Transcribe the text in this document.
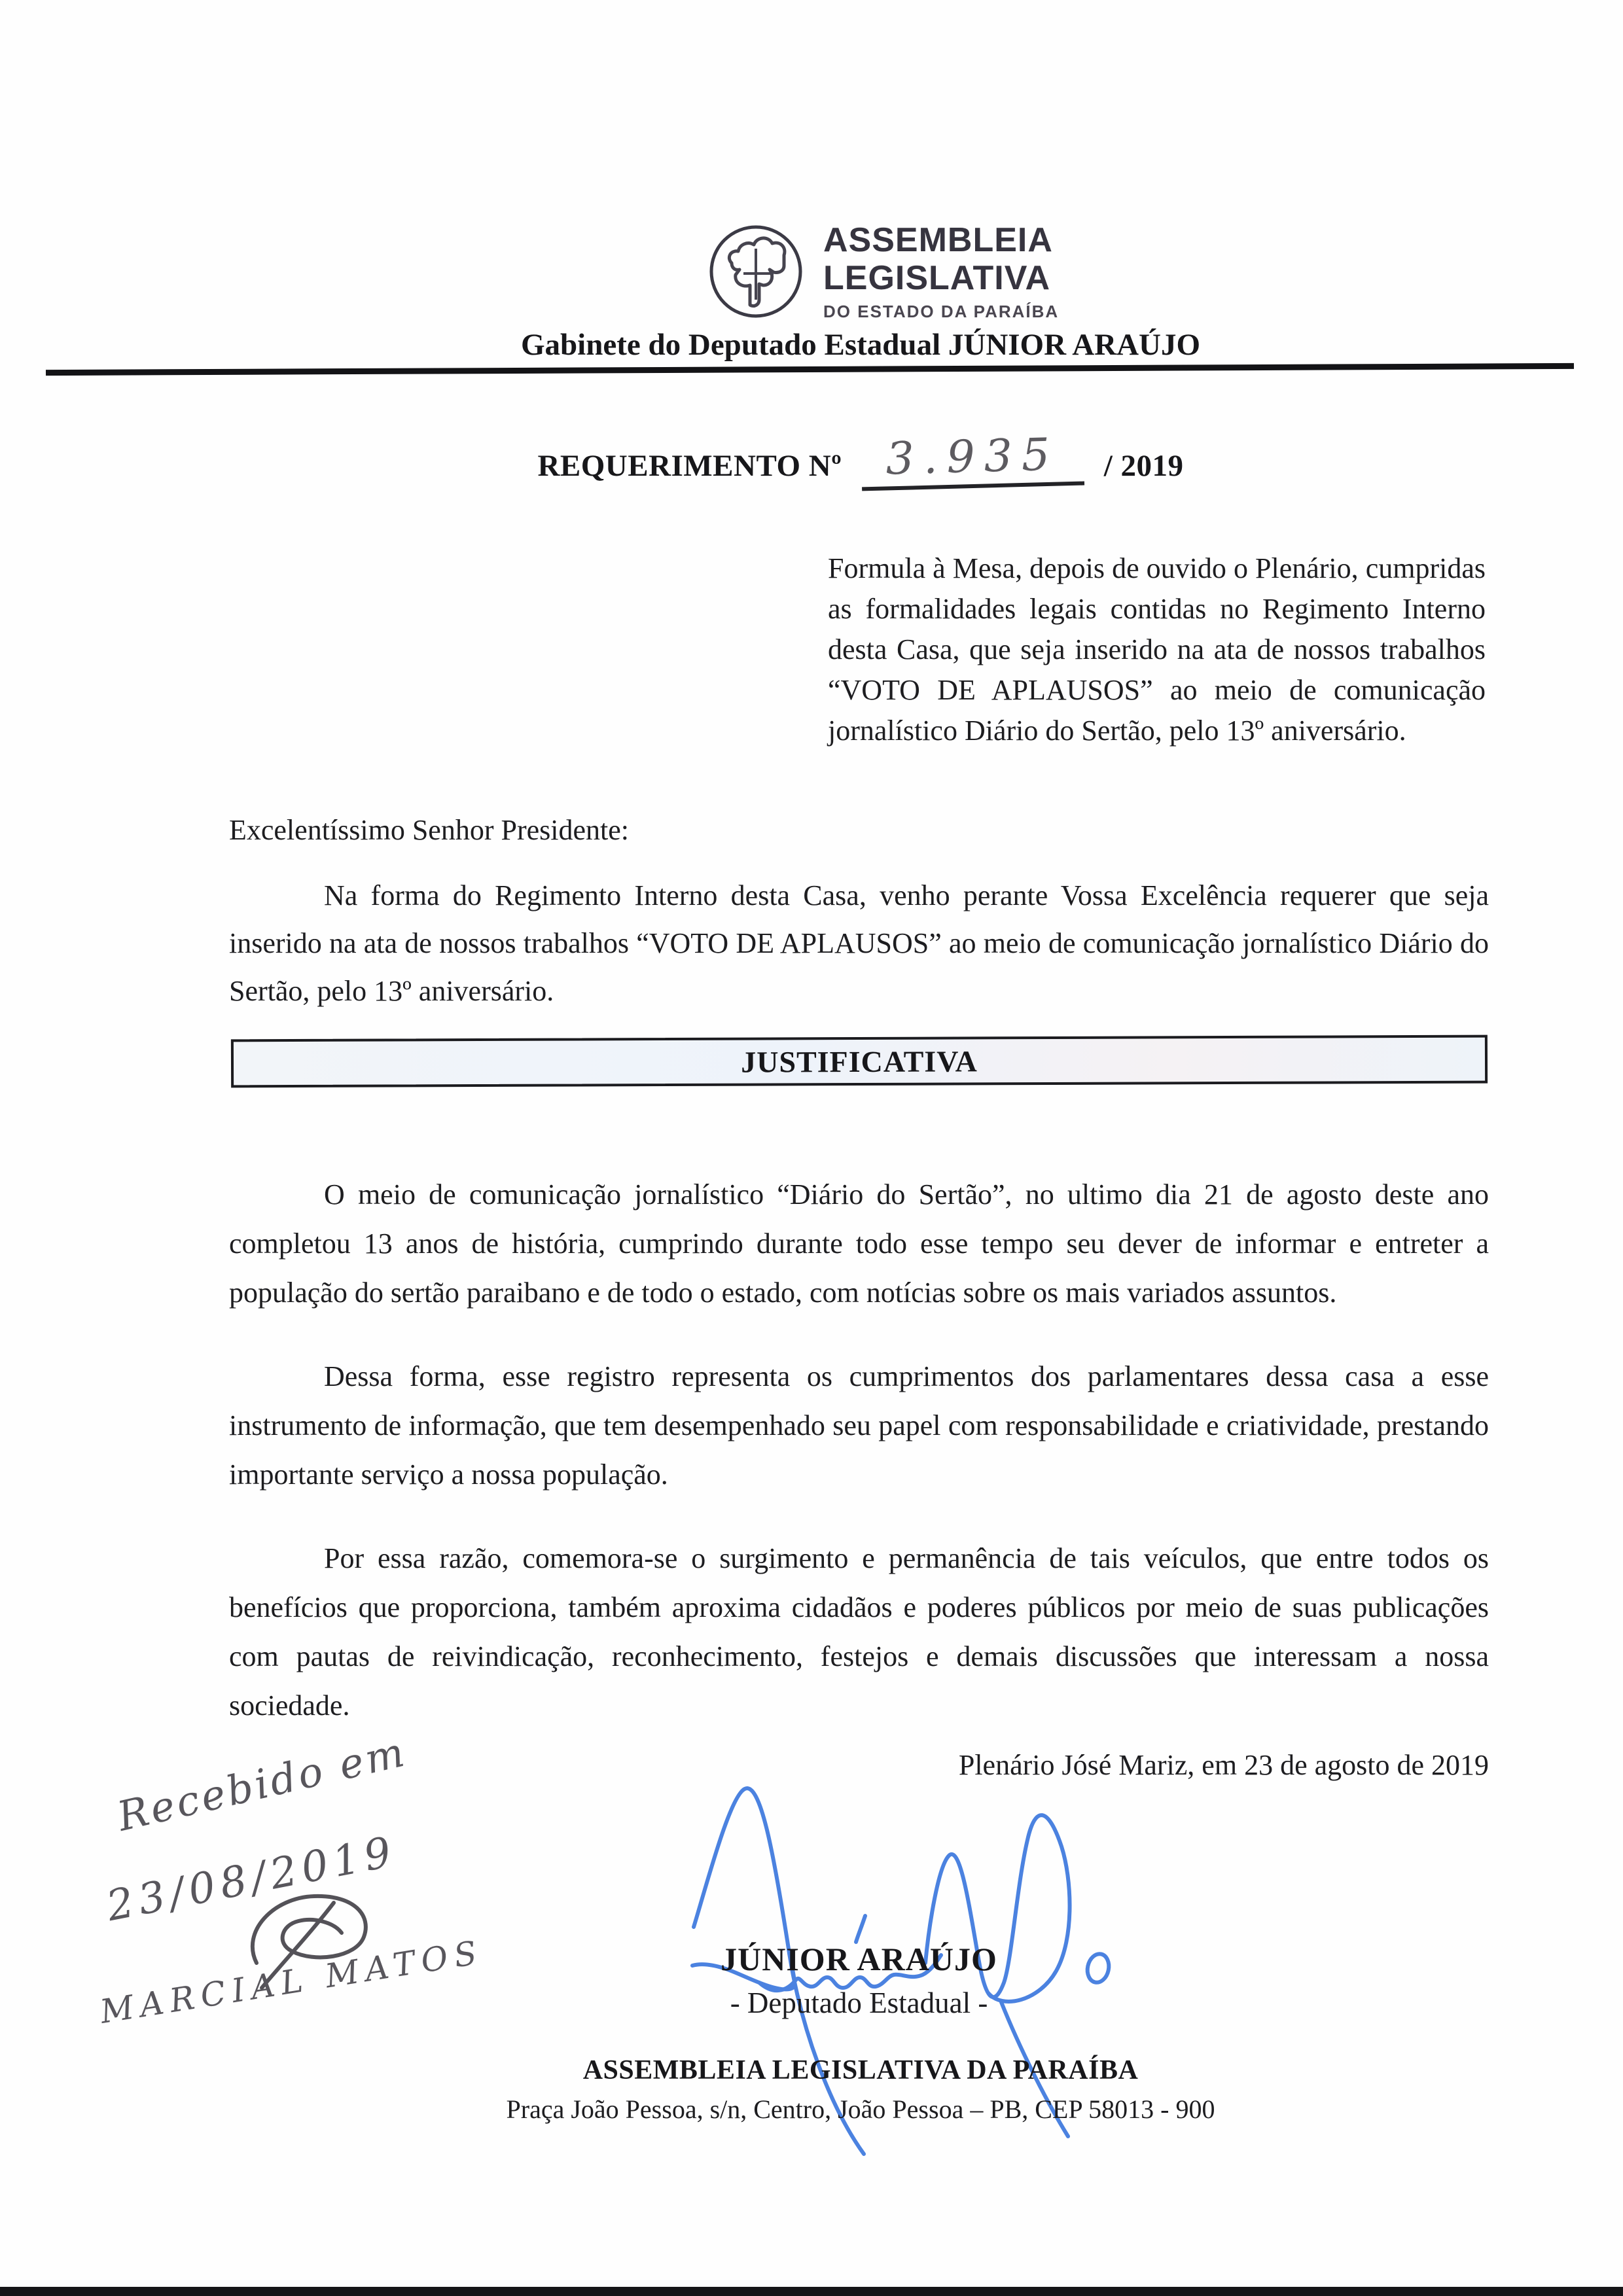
ASSEMBLEIA
LEGISLATIVA
DO ESTADO DA PARAÍBA
Gabinete do Deputado Estadual JÚNIOR ARAÚJO
REQUERIMENTO Nº 3.935 / 2019
Formula à Mesa, depois de ouvido o Plenário, cumpridas as formalidades legais contidas no Regimento Interno desta Casa, que seja inserido na ata de nossos trabalhos “VOTO DE APLAUSOS” ao meio de comunicação jornalístico Diário do Sertão, pelo 13º aniversário.
Excelentíssimo Senhor Presidente:
Na forma do Regimento Interno desta Casa, venho perante Vossa Excelência requerer que seja inserido na ata de nossos trabalhos “VOTO DE APLAUSOS” ao meio de comunicação jornalístico Diário do Sertão, pelo 13º aniversário.
JUSTIFICATIVA

O meio de comunicação jornalístico “Diário do Sertão”, no ultimo dia 21 de agosto deste ano completou 13 anos de história, cumprindo durante todo esse tempo seu dever de informar e entreter a população do sertão paraibano e de todo o estado, com notícias sobre os mais variados assuntos.

Dessa forma, esse registro representa os cumprimentos dos parlamentares dessa casa a esse instrumento de informação, que tem desempenhado seu papel com responsabilidade e criatividade, prestando importante serviço a nossa população.

Por essa razão, comemora-se o surgimento e permanência de tais veículos, que entre todos os benefícios que proporciona, também aproxima cidadãos e poderes públicos por meio de suas publicações com pautas de reivindicação, reconhecimento, festejos e demais discussões que interessam a nossa sociedade.

Recebido em
23/08/2019
MARCIAL MATOS
Plenário Jósé Mariz, em 23 de agosto de 2019
JÚNIOR ARAÚJO
- Deputado Estadual -
ASSEMBLEIA LEGISLATIVA DA PARAÍBA
Praça João Pessoa, s/n, Centro, João Pessoa – PB, CEP 58013 - 900
